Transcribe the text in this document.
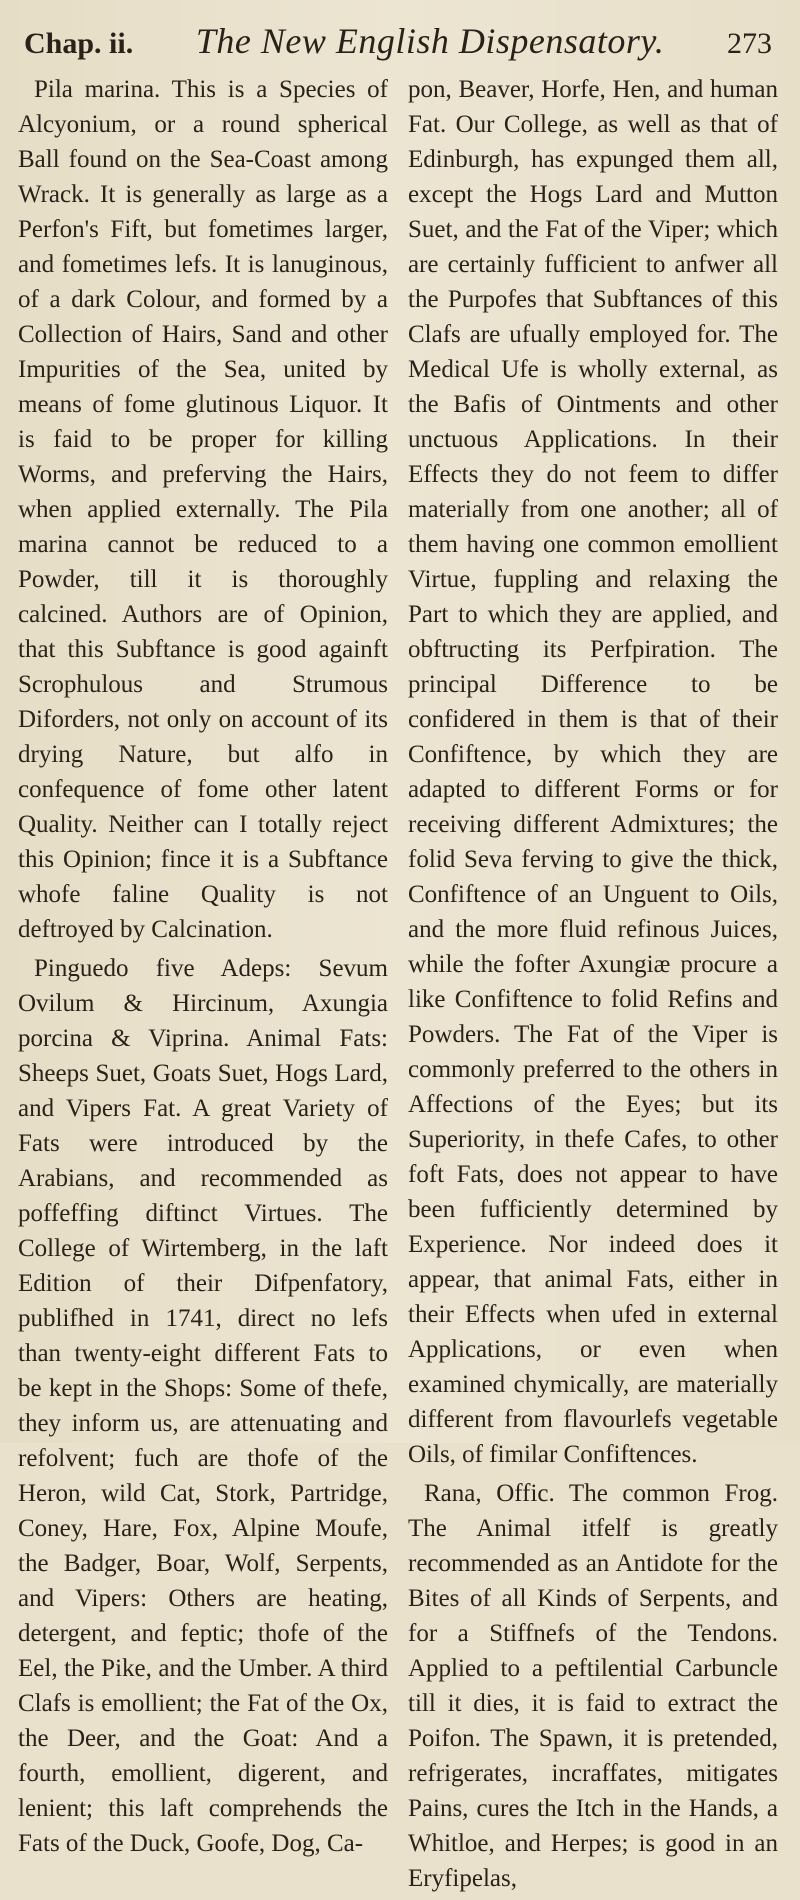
Chap. ii.	The New English Dispensatory.	273

Pila marina. This is a Species of Alcyonium, or a round spherical Ball found on the Sea-Coast among Wrack. It is generally as large as a Perfon's Fift, but fometimes larger, and fometimes lefs. It is lanuginous, of a dark Colour, and formed by a Collection of Hairs, Sand and other Impurities of the Sea, united by means of fome glutinous Liquor. It is faid to be proper for killing Worms, and preferving the Hairs, when applied externally. The Pila marina cannot be reduced to a Powder, till it is thoroughly calcined. Authors are of Opinion, that this Subftance is good againft Scrophulous and Strumous Diforders, not only on account of its drying Nature, but alfo in confequence of fome other latent Quality. Neither can I totally reject this Opinion; fince it is a Subftance whofe faline Quality is not deftroyed by Calcination.

Pinguedo five Adeps: Sevum Ovilum & Hircinum, Axungia porcina & Viprina. Animal Fats: Sheeps Suet, Goats Suet, Hogs Lard, and Vipers Fat. A great Variety of Fats were introduced by the Arabians, and recommended as poffeffing diftinct Virtues. The College of Wirtemberg, in the laft Edition of their Difpenfatory, publifhed in 1741, direct no lefs than twenty-eight different Fats to be kept in the Shops: Some of thefe, they inform us, are attenuating and refolvent; fuch are thofe of the Heron, wild Cat, Stork, Partridge, Coney, Hare, Fox, Alpine Moufe, the Badger, Boar, Wolf, Serpents, and Vipers: Others are heating, detergent, and feptic; thofe of the Eel, the Pike, and the Umber. A third Clafs is emollient; the Fat of the Ox, the Deer, and the Goat: And a fourth, emollient, digerent, and lenient; this laft comprehends the Fats of the Duck, Goofe, Dog, Ca-

pon, Beaver, Horfe, Hen, and human Fat. Our College, as well as that of Edinburgh, has expunged them all, except the Hogs Lard and Mutton Suet, and the Fat of the Viper; which are certainly fufficient to anfwer all the Purpofes that Subftances of this Clafs are ufually employed for. The Medical Ufe is wholly external, as the Bafis of Ointments and other unctuous Applications. In their Effects they do not feem to differ materially from one another; all of them having one common emollient Virtue, fuppling and relaxing the Part to which they are applied, and obftructing its Perfpiration. The principal Difference to be confidered in them is that of their Confiftence, by which they are adapted to different Forms or for receiving different Admixtures; the folid Seva ferving to give the thick, Confiftence of an Unguent to Oils, and the more fluid refinous Juices, while the fofter Axungiæ procure a like Confiftence to folid Refins and Powders. The Fat of the Viper is commonly preferred to the others in Affections of the Eyes; but its Superiority, in thefe Cafes, to other foft Fats, does not appear to have been fufficiently determined by Experience. Nor indeed does it appear, that animal Fats, either in their Effects when ufed in external Applications, or even when examined chymically, are materially different from flavourlefs vegetable Oils, of fimilar Confiftences.

Rana, Offic. The common Frog. The Animal itfelf is greatly recommended as an Antidote for the Bites of all Kinds of Serpents, and for a Stiffnefs of the Tendons. Applied to a peftilential Carbuncle till it dies, it is faid to extract the Poifon. The Spawn, it is pretended, refrigerates, incraffates, mitigates Pains, cures the Itch in the Hands, a Whitloe, and Herpes; is good in an Eryfipelas,
